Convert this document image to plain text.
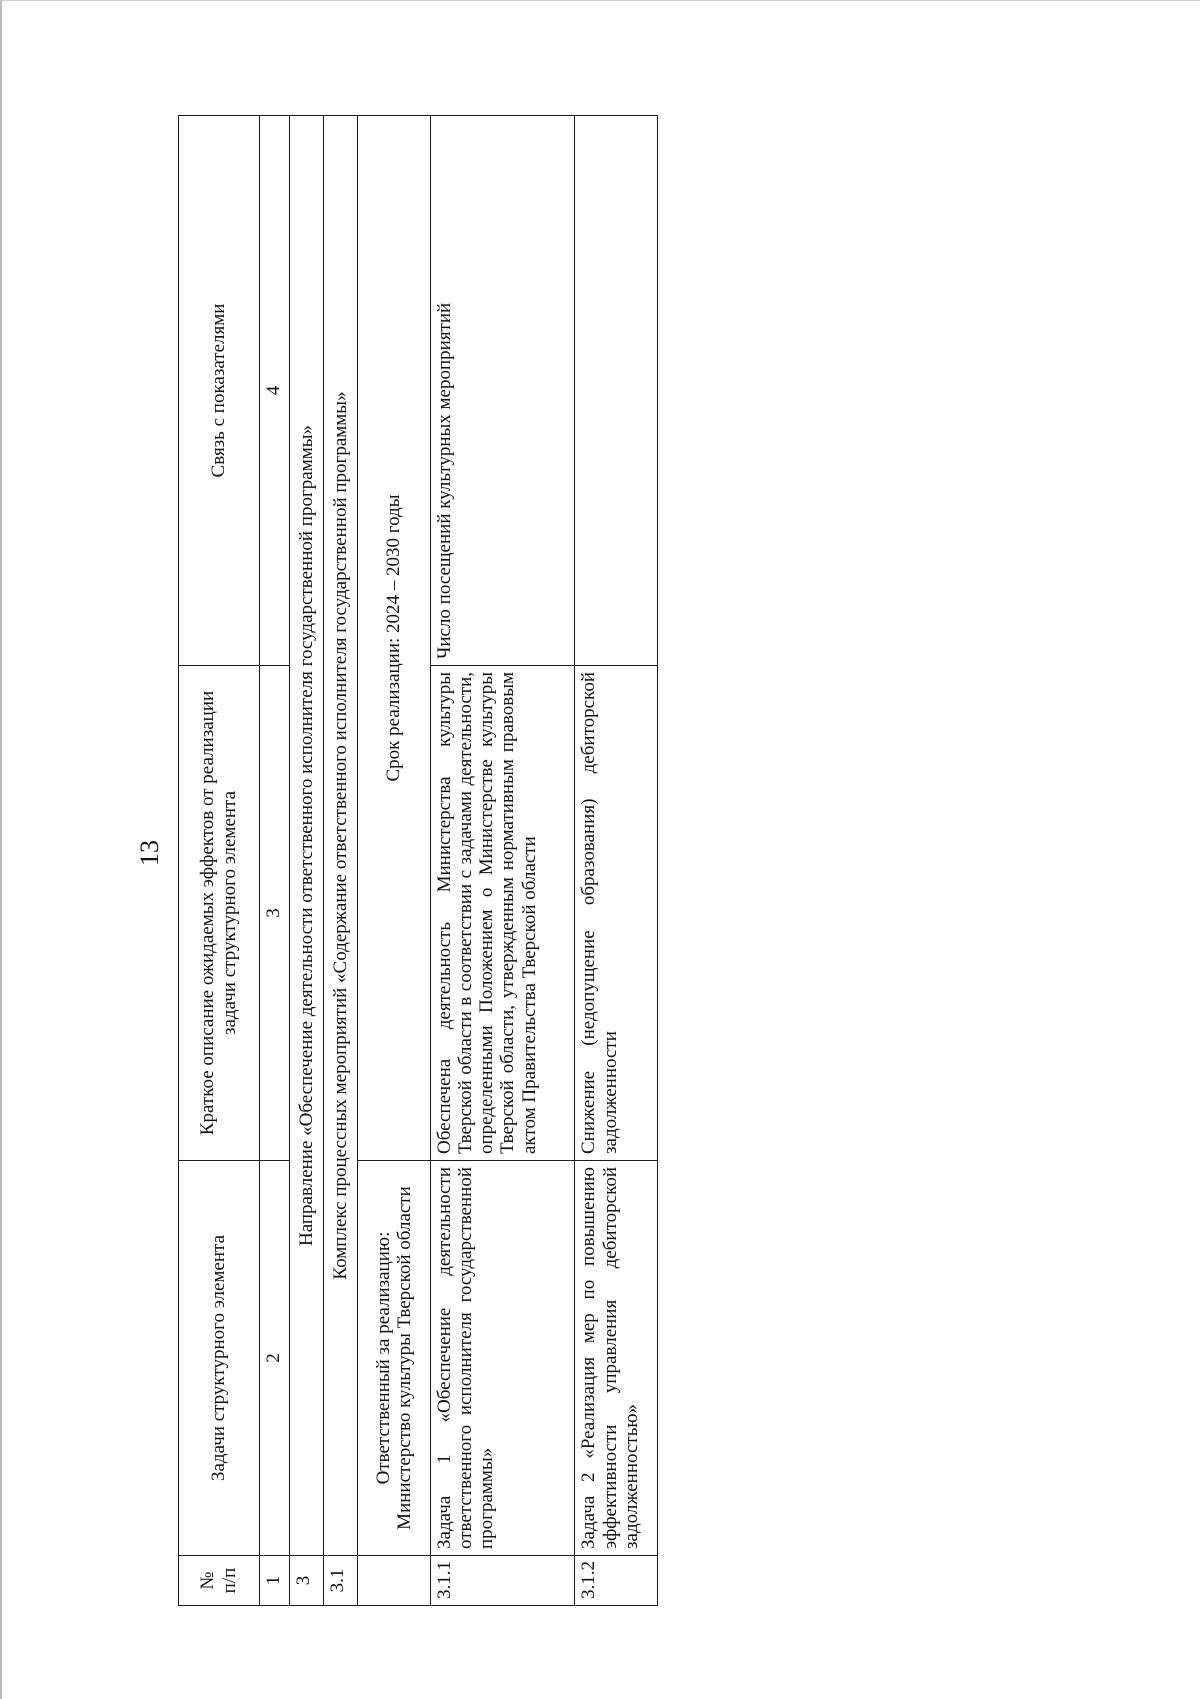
13
№ п/п	Задачи структурного элемента	Краткое описание ожидаемых эффектов от реализации задачи структурного элемента	Связь с показателями
1	2	3	4
3	Направление «Обеспечение деятельности ответственного исполнителя государственной программы»		
3.1	Комплекс процессных мероприятий «Содержание ответственного исполнителя государственной программы»		

	Ответственный за реализацию: Министерство культуры Тверской области	Срок реализации: 2024 – 2030 годы	
3.1.1	Задача 1 «Обеспечение деятельности ответственного исполнителя государственной программы»	Обеспечена деятельность Министерства культуры Тверской области в соответствии с задачами деятельности, определенными Положением о Министерстве культуры Тверской области, утвержденным нормативным правовым актом Правительства Тверской области	Число посещений культурных мероприятий
3.1.2	Задача 2 «Реализация мер по повышению эффективности управления дебиторской задолженностью»	Снижение (недопущение образования) дебиторской задолженности	
